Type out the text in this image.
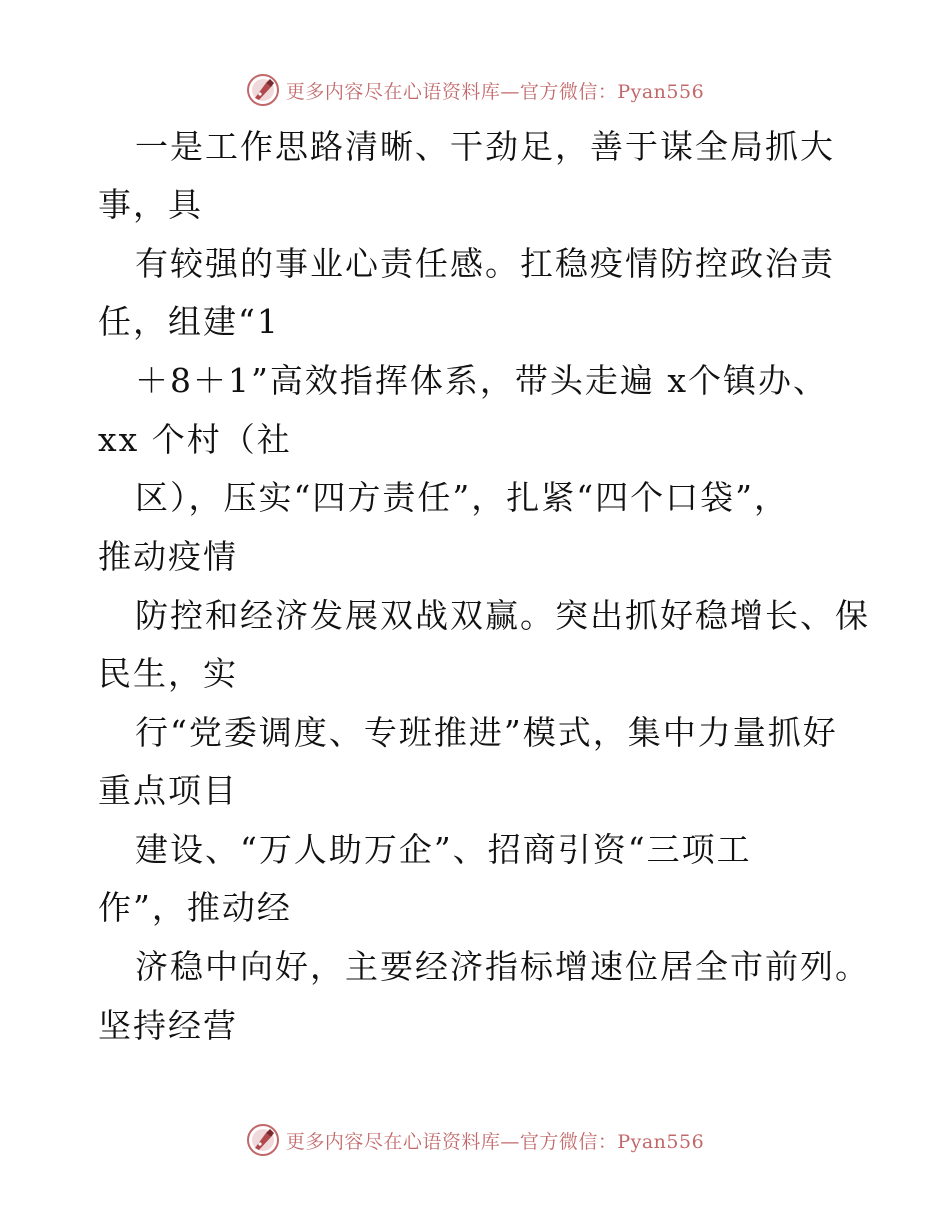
更多内容尽在心语资料库—官方微信：Pyan556
一是工作思路清晰、干劲足，善于谋全局抓大
事，具
有较强的事业心责任感。扛稳疫情防控政治责
任，组建“1
＋8＋1”高效指挥体系，带头走遍 x个镇办、
xx 个村（社
区），压实“四方责任”，扎紧“四个口袋”，
推动疫情
防控和经济发展双战双赢。突出抓好稳增长、保
民生，实
行“党委调度、专班推进”模式，集中力量抓好
重点项目
建设、“万人助万企”、招商引资“三项工
作”，推动经
济稳中向好，主要经济指标增速位居全市前列。
坚持经营
更多内容尽在心语资料库—官方微信：Pyan556
